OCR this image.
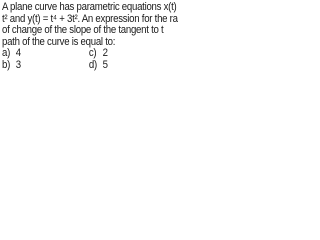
A plane curve has parametric equations x(t)
t² and y(t) = t⁴ + 3t². An expression for the ra
of change of the slope of the tangent to t
path of the curve is equal to:
a) 4
b) 3
c) 2
d) 5
